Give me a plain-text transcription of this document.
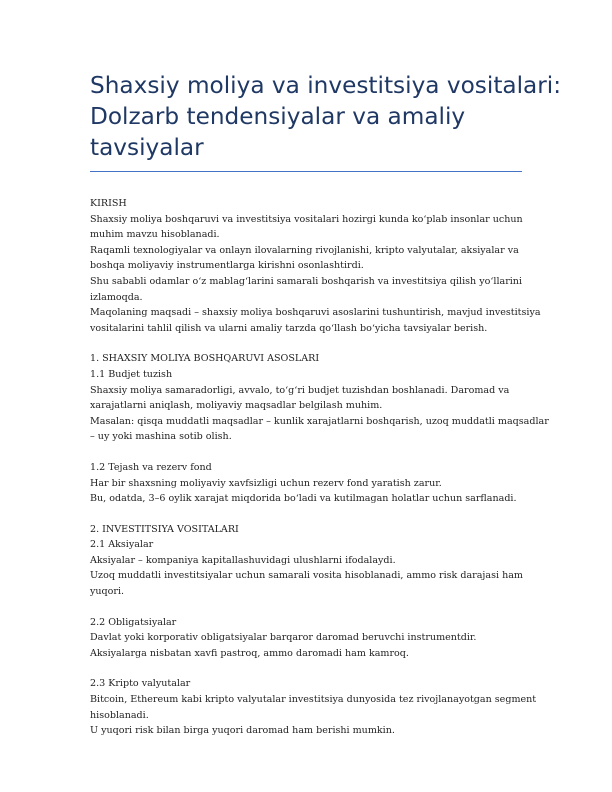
Shaxsiy moliya va investitsiya vositalari:
Dolzarb tendensiyalar va amaliy
tavsiyalar
KIRISH
Shaxsiy moliya boshqaruvi va investitsiya vositalari hozirgi kunda ko‘plab insonlar uchun
muhim mavzu hisoblanadi.
Raqamli texnologiyalar va onlayn ilovalarning rivojlanishi, kripto valyutalar, aksiyalar va
boshqa moliyaviy instrumentlarga kirishni osonlashtirdi.
Shu sababli odamlar o‘z mablag‘larini samarali boshqarish va investitsiya qilish yo‘llarini
izlamoqda.
Maqolaning maqsadi – shaxsiy moliya boshqaruvi asoslarini tushuntirish, mavjud investitsiya
vositalarini tahlil qilish va ularni amaliy tarzda qo‘llash bo‘yicha tavsiyalar berish.
1. SHAXSIY MOLIYA BOSHQARUVI ASOSLARI
1.1 Budjet tuzish
Shaxsiy moliya samaradorligi, avvalo, to‘g‘ri budjet tuzishdan boshlanadi. Daromad va
xarajatlarni aniqlash, moliyaviy maqsadlar belgilash muhim.
Masalan: qisqa muddatli maqsadlar – kunlik xarajatlarni boshqarish, uzoq muddatli maqsadlar
– uy yoki mashina sotib olish.
1.2 Tejash va rezerv fond
Har bir shaxsning moliyaviy xavfsizligi uchun rezerv fond yaratish zarur.
Bu, odatda, 3–6 oylik xarajat miqdorida bo‘ladi va kutilmagan holatlar uchun sarflanadi.
2. INVESTITSIYA VOSITALARI
2.1 Aksiyalar
Aksiyalar – kompaniya kapitallashuvidagi ulushlarni ifodalaydi.
Uzoq muddatli investitsiyalar uchun samarali vosita hisoblanadi, ammo risk darajasi ham
yuqori.
2.2 Obligatsiyalar
Davlat yoki korporativ obligatsiyalar barqaror daromad beruvchi instrumentdir.
Aksiyalarga nisbatan xavfi pastroq, ammo daromadi ham kamroq.
2.3 Kripto valyutalar
Bitcoin, Ethereum kabi kripto valyutalar investitsiya dunyosida tez rivojlanayotgan segment
hisoblanadi.
U yuqori risk bilan birga yuqori daromad ham berishi mumkin.
